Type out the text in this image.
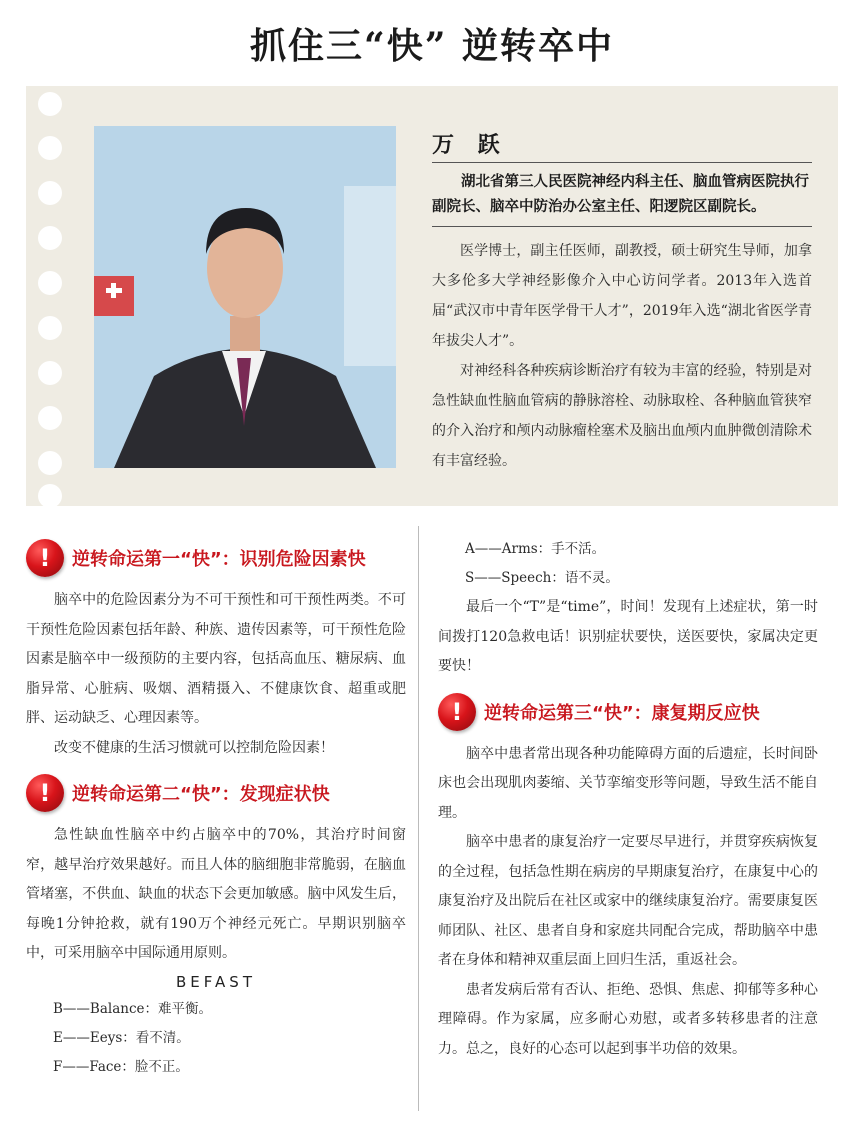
抓住三“快” 逆转卒中
万 跃
湖北省第三人民医院神经内科主任、脑血管病医院执行副院长、脑卒中防治办公室主任、阳逻院区副院长。

医学博士，副主任医师，副教授，硕士研究生导师，加拿大多伦多大学神经影像介入中心访问学者。2013年入选首届“武汉市中青年医学骨干人才”，2019年入选“湖北省医学青年拔尖人才”。

对神经科各种疾病诊断治疗有较为丰富的经验，特别是对急性缺血性脑血管病的静脉溶栓、动脉取栓、各种脑血管狭窄的介入治疗和颅内动脉瘤栓塞术及脑出血颅内血肿微创清除术有丰富经验。

!	逆转命运第一“快”：识别危险因素快

脑卒中的危险因素分为不可干预性和可干预性两类。不可干预性危险因素包括年龄、种族、遗传因素等，可干预性危险因素是脑卒中一级预防的主要内容，包括高血压、糖尿病、血脂异常、心脏病、吸烟、酒精摄入、不健康饮食、超重或肥胖、运动缺乏、心理因素等。

改变不健康的生活习惯就可以控制危险因素！

!	逆转命运第二“快”：发现症状快

急性缺血性脑卒中约占脑卒中的70%，其治疗时间窗窄，越早治疗效果越好。而且人体的脑细胞非常脆弱，在脑血管堵塞，不供血、缺血的状态下会更加敏感。脑中风发生后，每晚1分钟抢救，就有190万个神经元死亡。早期识别脑卒中，可采用脑卒中国际通用原则。

BEFAST

B——Balance：难平衡。

E——Eeys：看不清。

F——Face：脸不正。

A——Arms：手不活。

S——Speech：语不灵。

最后一个“T”是“time”，时间！发现有上述症状，第一时间拨打120急救电话！识别症状要快，送医要快，家属决定更要快！

!	逆转命运第三“快”：康复期反应快

脑卒中患者常出现各种功能障碍方面的后遗症，长时间卧床也会出现肌肉萎缩、关节挛缩变形等问题，导致生活不能自理。

脑卒中患者的康复治疗一定要尽早进行，并贯穿疾病恢复的全过程，包括急性期在病房的早期康复治疗，在康复中心的康复治疗及出院后在社区或家中的继续康复治疗。需要康复医师团队、社区、患者自身和家庭共同配合完成，帮助脑卒中患者在身体和精神双重层面上回归生活，重返社会。

患者发病后常有否认、拒绝、恐惧、焦虑、抑郁等多种心理障碍。作为家属，应多耐心劝慰，或者多转移患者的注意力。总之，良好的心态可以起到事半功倍的效果。
